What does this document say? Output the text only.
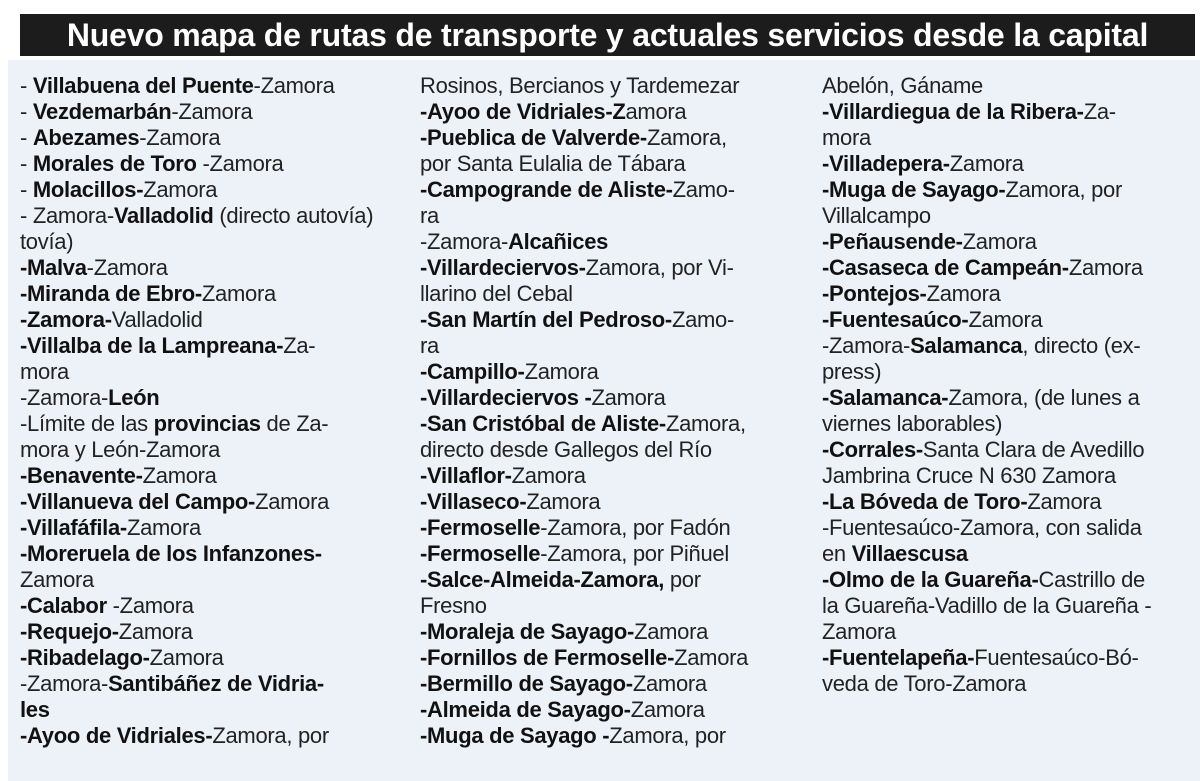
Nuevo mapa de rutas de transporte y actuales servicios desde la capital
- Villabuena del Puente-Zamora
- Vezdemarbán-Zamora
- Abezames-Zamora
- Morales de Toro -Zamora
- Molacillos-Zamora
- Zamora-Valladolid (directo autovía)
tovía)
-Malva-Zamora
-Miranda de Ebro-Zamora
-Zamora-Valladolid
-Villalba de la Lampreana-Za-
mora
-Zamora-León
-Límite de las provincias de Za-
mora y León-Zamora
-Benavente-Zamora
-Villanueva del Campo-Zamora
-Villafáfila-Zamora
-Moreruela de los Infanzones-
Zamora
-Calabor -Zamora
-Requejo-Zamora
-Ribadelago-Zamora
-Zamora-Santibáñez de Vidria-
les
-Ayoo de Vidriales-Zamora, por
Rosinos, Bercianos y Tardemezar
-Ayoo de Vidriales-Zamora
-Pueblica de Valverde-Zamora,
por Santa Eulalia de Tábara
-Campogrande de Aliste-Zamo-
ra
-Zamora-Alcañices
-Villardeciervos-Zamora, por Vi-
llarino del Cebal
-San Martín del Pedroso-Zamo-
ra
-Campillo-Zamora
-Villardeciervos -Zamora
-San Cristóbal de Aliste-Zamora,
directo desde Gallegos del Río
-Villaflor-Zamora
-Villaseco-Zamora
-Fermoselle-Zamora, por Fadón
-Fermoselle-Zamora, por Piñuel
-Salce-Almeida-Zamora, por
Fresno
-Moraleja de Sayago-Zamora
-Fornillos de Fermoselle-Zamora
-Bermillo de Sayago-Zamora
-Almeida de Sayago-Zamora
-Muga de Sayago -Zamora, por
Abelón, Gáname
-Villardiegua de la Ribera-Za-
mora
-Villadepera-Zamora
-Muga de Sayago-Zamora, por
Villalcampo
-Peñausende-Zamora
-Casaseca de Campeán-Zamora
-Pontejos-Zamora
-Fuentesaúco-Zamora
-Zamora-Salamanca, directo (ex-
press)
-Salamanca-Zamora, (de lunes a
viernes laborables)
-Corrales-Santa Clara de Avedillo
Jambrina Cruce N 630 Zamora
-La Bóveda de Toro-Zamora
-Fuentesaúco-Zamora, con salida
en Villaescusa
-Olmo de la Guareña-Castrillo de
la Guareña-Vadillo de la Guareña -
Zamora
-Fuentelapeña-Fuentesaúco-Bó-
veda de Toro-Zamora
